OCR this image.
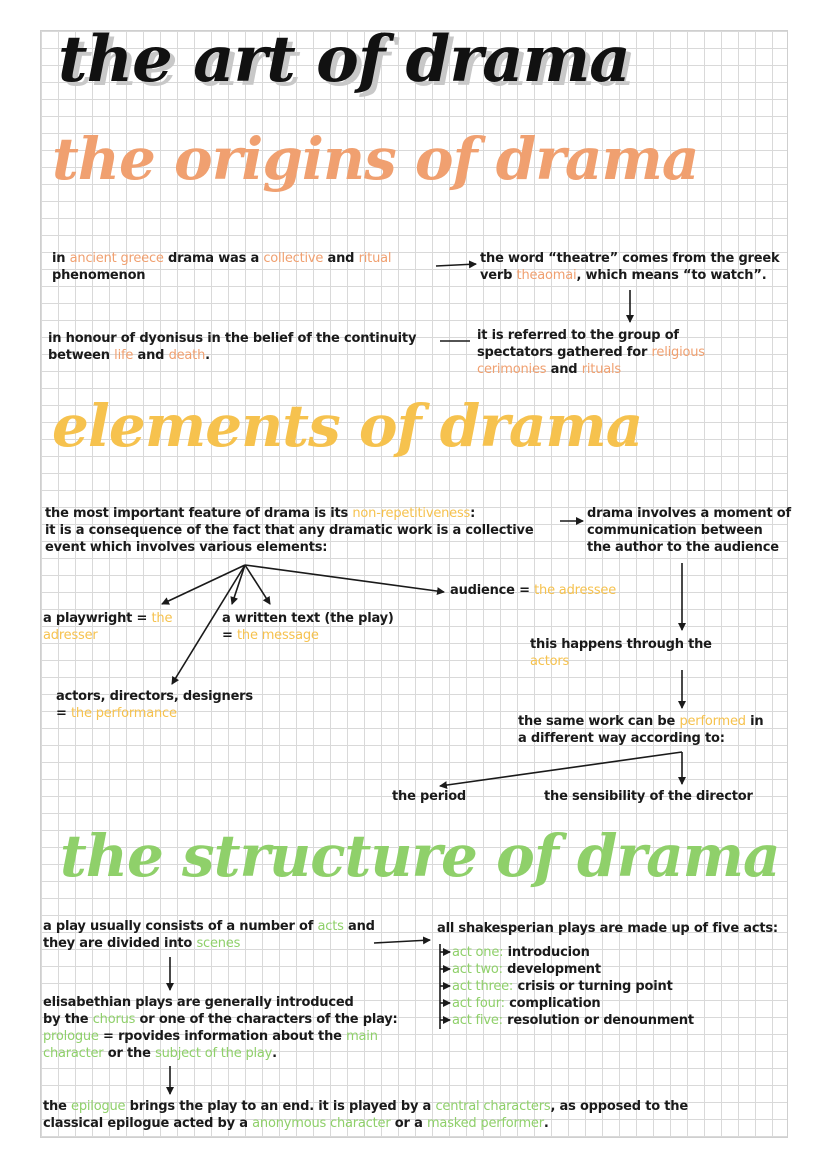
the art of drama
the origins of drama
in ancient greece drama was a collective and ritual
phenomenon
the word “theatre” comes from the greek
verb theaomai, which means “to watch”.
in honour of dyonisus in the belief of the continuity
between life and death.
it is referred to the group of
spectators gathered for religious
cerimonies and rituals
elements of drama
the most important feature of drama is its non-repetitiveness:
it is a consequence of the fact that any dramatic work is a collective
event which involves various elements:
drama involves a moment of
communication between
the author to the audience
audience = the adressee
a playwright = the
adresser
a written text (the play)
= the message
this happens through the
actors
actors, directors, designers
= the performance
the same work can be performed in
a different way according to:
the period	the sensibility of the director
the structure of drama
a play usually consists of a number of acts and
they are divided into scenes
all shakesperian plays are made up of five acts:
act one: introducion
act two: development
act three: crisis or turning point
act four: complication
act five: resolution or denounment
elisabethian plays are generally introduced
by the chorus or one of the characters of the play:
prologue = rpovides information about the main
character or the subject of the play.
the epilogue brings the play to an end. it is played by a central characters, as opposed to the
classical epilogue acted by a anonymous character or a masked performer.
